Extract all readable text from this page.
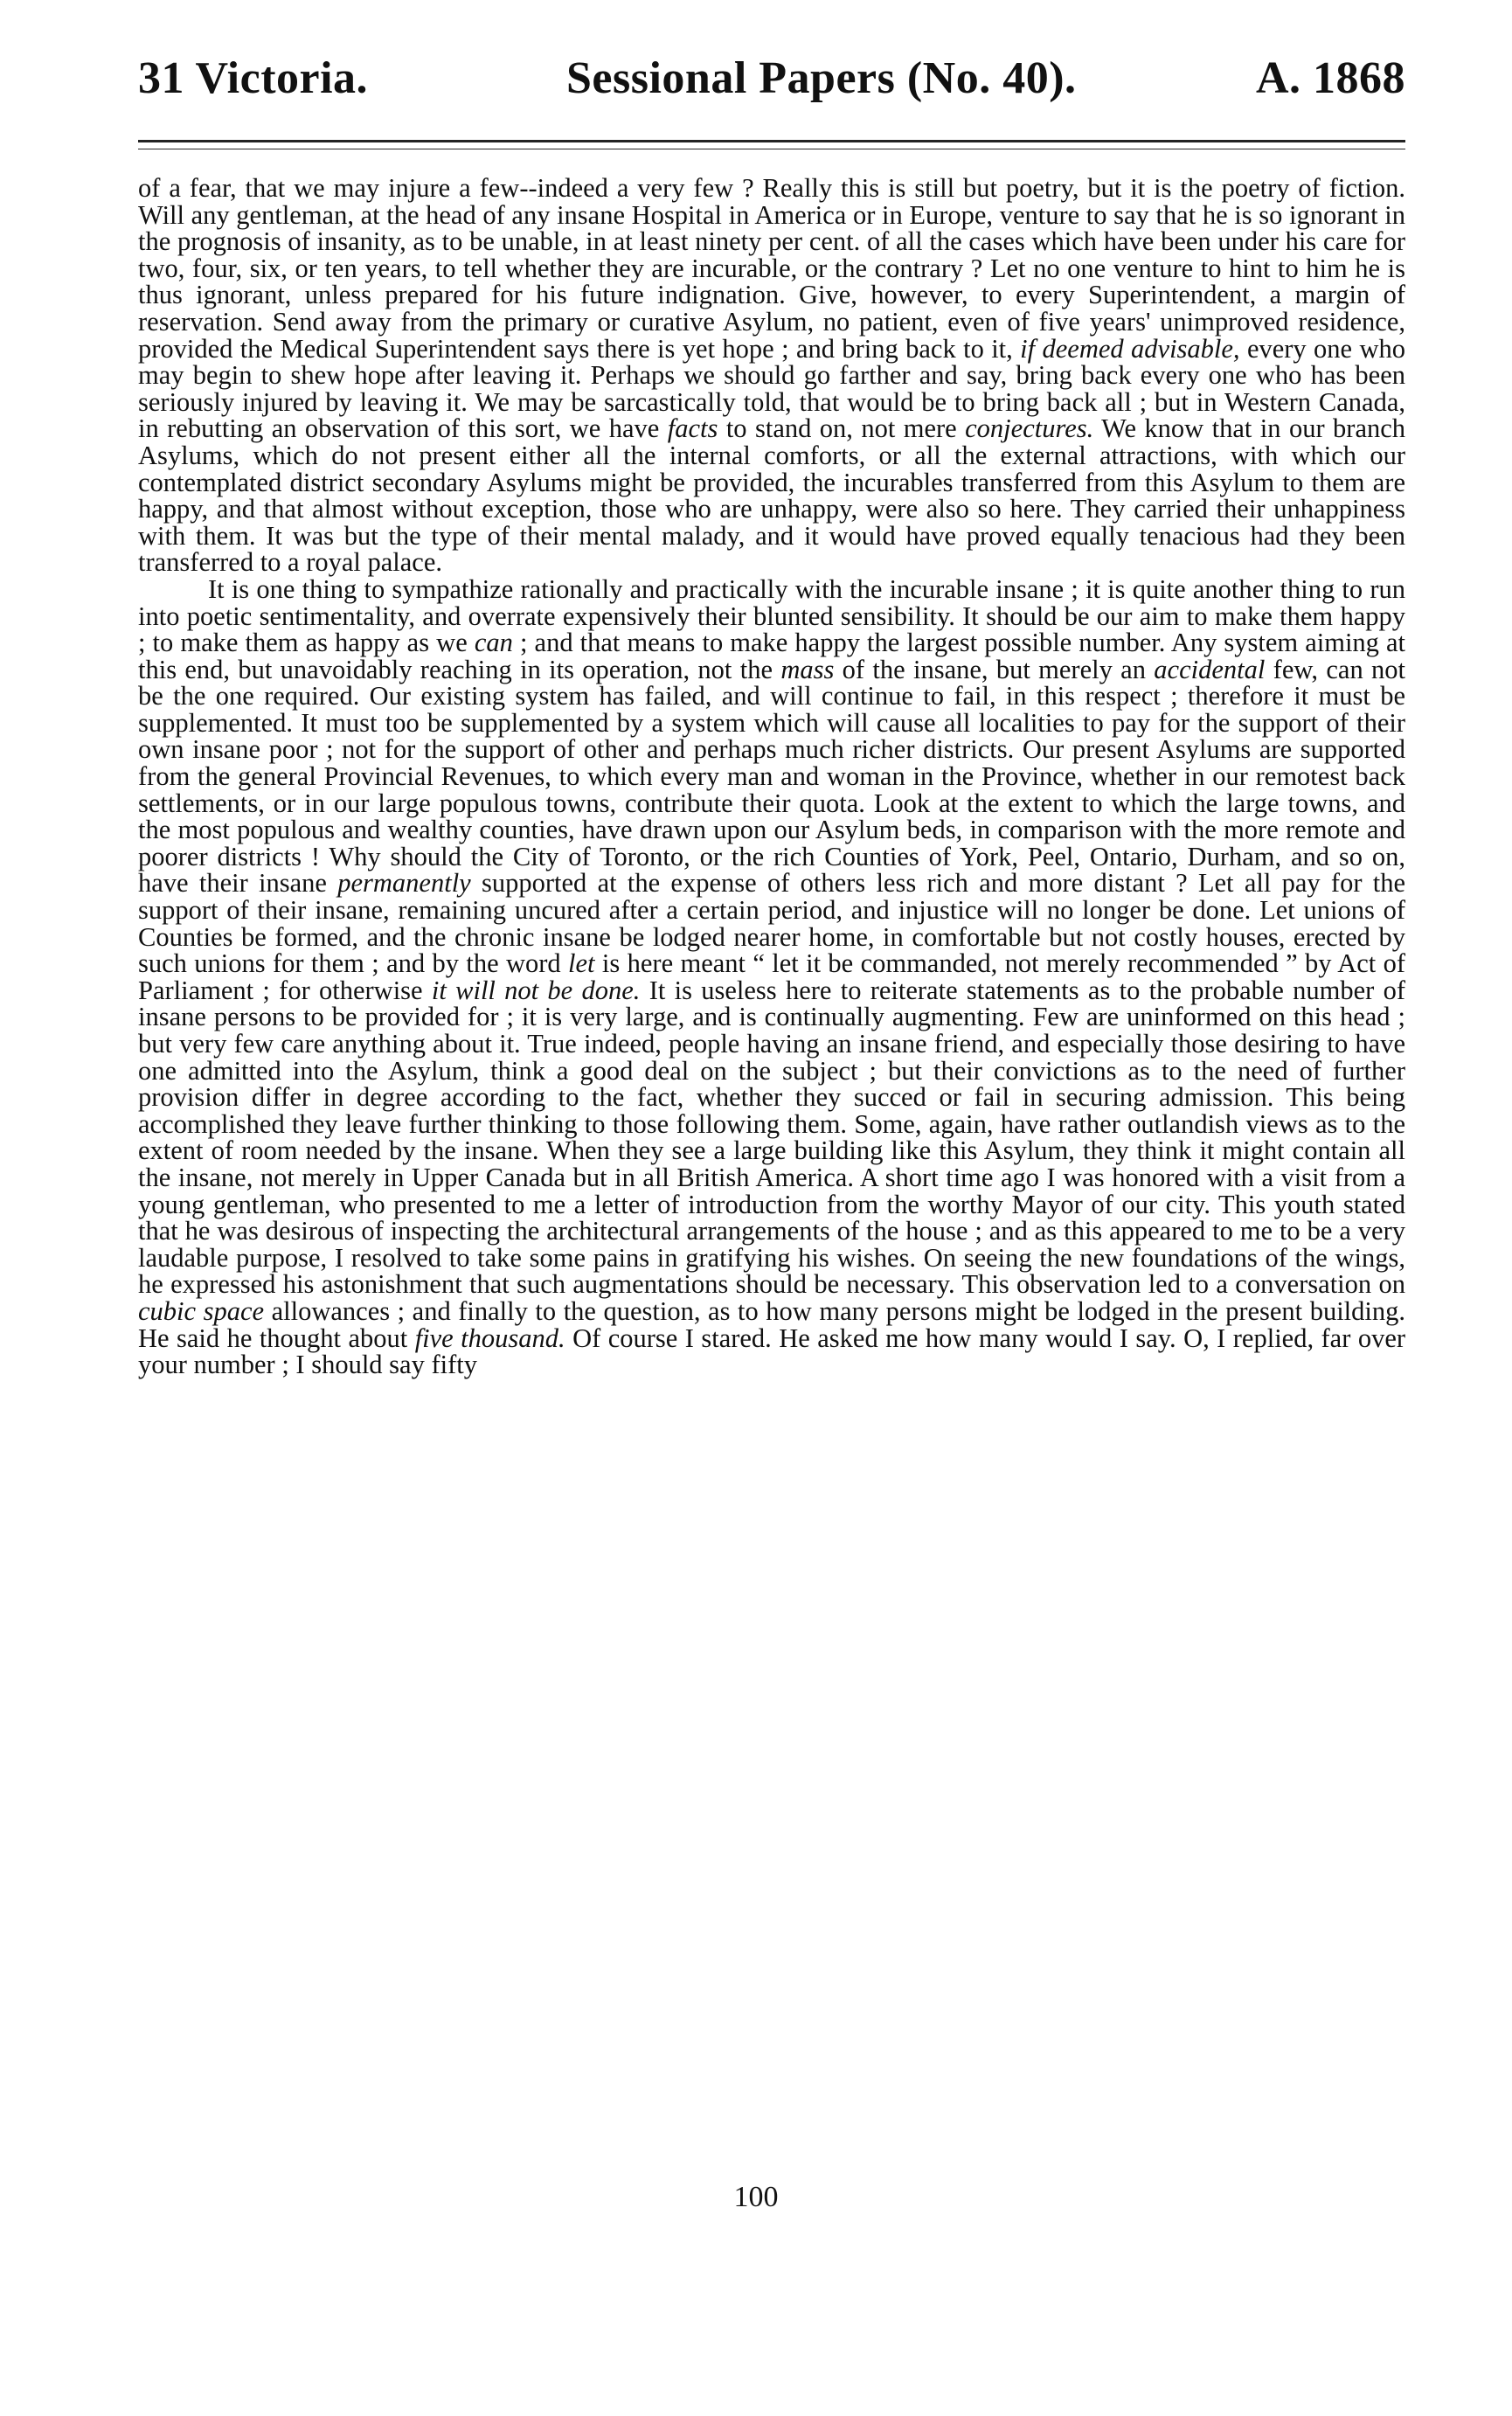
31 Victoria.	Sessional Papers (No. 40).	A. 1868

of a fear, that we may injure a few--indeed a very few ? Really this is still but poetry, but it is the poetry of fiction. Will any gentleman, at the head of any insane Hospital in America or in Europe, venture to say that he is so ignorant in the prognosis of insanity, as to be unable, in at least ninety per cent. of all the cases which have been under his care for two, four, six, or ten years, to tell whether they are incurable, or the contrary ? Let no one venture to hint to him he is thus ignorant, unless prepared for his future indignation. Give, however, to every Superintendent, a margin of reservation. Send away from the primary or curative Asylum, no patient, even of five years' unimproved residence, provided the Medical Superintendent says there is yet hope ; and bring back to it, if deemed advisable, every one who may begin to shew hope after leaving it. Perhaps we should go farther and say, bring back every one who has been seriously injured by leaving it. We may be sarcastically told, that would be to bring back all ; but in Western Canada, in rebutting an observation of this sort, we have facts to stand on, not mere conjectures. We know that in our branch Asylums, which do not present either all the internal comforts, or all the external attractions, with which our contemplated district secondary Asylums might be provided, the incurables transferred from this Asylum to them are happy, and that almost without exception, those who are unhappy, were also so here. They carried their unhappiness with them. It was but the type of their mental malady, and it would have proved equally tenacious had they been transferred to a royal palace.

It is one thing to sympathize rationally and practically with the incurable insane ; it is quite another thing to run into poetic sentimentality, and overrate expensively their blunted sensibility. It should be our aim to make them happy ; to make them as happy as we can ; and that means to make happy the largest possible number. Any system aiming at this end, but unavoidably reaching in its operation, not the mass of the insane, but merely an accidental few, can not be the one required. Our existing system has failed, and will continue to fail, in this respect ; therefore it must be supplemented. It must too be supplemented by a system which will cause all localities to pay for the support of their own insane poor ; not for the support of other and perhaps much richer districts. Our present Asylums are supported from the general Provincial Revenues, to which every man and woman in the Province, whether in our remotest back settlements, or in our large populous towns, contribute their quota. Look at the extent to which the large towns, and the most populous and wealthy counties, have drawn upon our Asylum beds, in comparison with the more remote and poorer districts ! Why should the City of Toronto, or the rich Counties of York, Peel, Ontario, Durham, and so on, have their insane permanently supported at the expense of others less rich and more distant ? Let all pay for the support of their insane, remaining uncured after a certain period, and injustice will no longer be done. Let unions of Counties be formed, and the chronic insane be lodged nearer home, in comfortable but not costly houses, erected by such unions for them ; and by the word let is here meant “ let it be commanded, not merely recommended ” by Act of Parliament ; for otherwise it will not be done. It is useless here to reiterate statements as to the probable number of insane persons to be provided for ; it is very large, and is continually augmenting. Few are uninformed on this head ; but very few care anything about it. True indeed, people having an insane friend, and especially those desiring to have one admitted into the Asylum, think a good deal on the subject ; but their convictions as to the need of further provision differ in degree according to the fact, whether they succed or fail in securing admission. This being accomplished they leave further thinking to those following them. Some, again, have rather outlandish views as to the extent of room needed by the insane. When they see a large building like this Asylum, they think it might contain all the insane, not merely in Upper Canada but in all British America. A short time ago I was honored with a visit from a young gentleman, who presented to me a letter of introduction from the worthy Mayor of our city. This youth stated that he was desirous of inspecting the architectural arrangements of the house ; and as this appeared to me to be a very laudable purpose, I resolved to take some pains in gratifying his wishes. On seeing the new foundations of the wings, he expressed his astonishment that such augmentations should be necessary. This observation led to a conversation on cubic space allowances ; and finally to the question, as to how many persons might be lodged in the present building. He said he thought about five thousand. Of course I stared. He asked me how many would I say. O, I replied, far over your number ; I should say fifty

100
